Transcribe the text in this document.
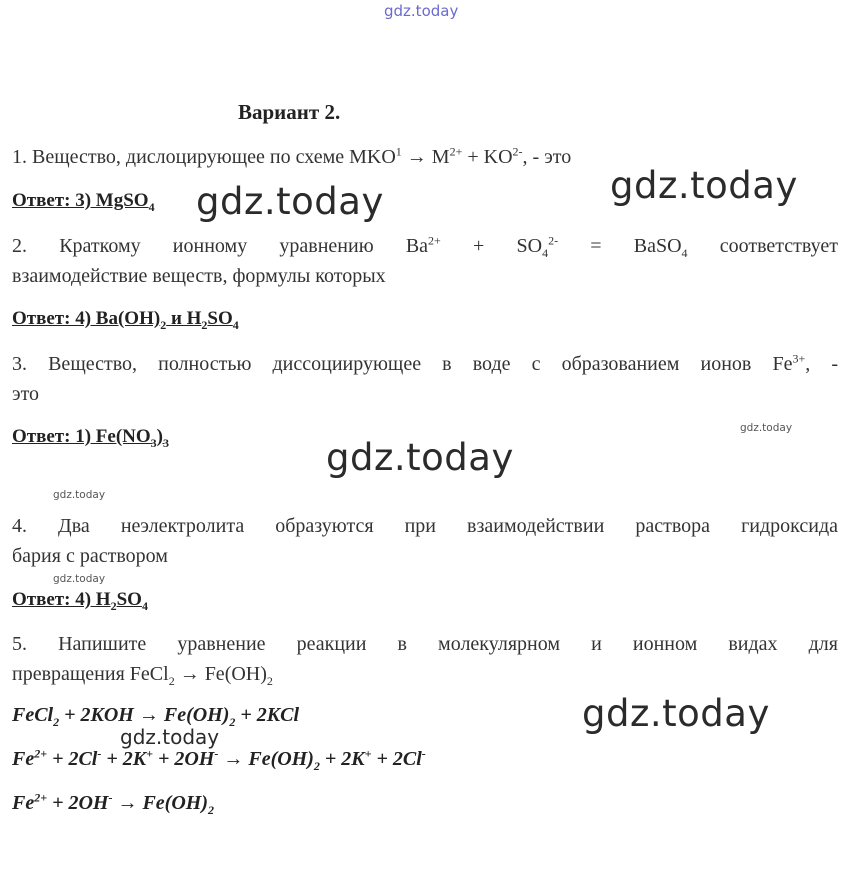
gdz.today
gdz.today
gdz.today
gdz.today
gdz.today
gdz.today
gdz.today
gdz.today
gdz.today
Вариант 2.
1. Вещество, дислоцирующее по схеме $MKO^1 \to M^{2+} + KO^{2-}$, - это
Ответ: 3) MgSO$_4$
2. Краткому ионному уравнению $Ba^{2+} + SO_4^{2-}$ = BaSO$_4$ соответствует
взаимодействие веществ, формулы которых
Ответ: 4) $Ba(OH)_2$ и $H_2SO_4$
3. Вещество, полностью диссоциирующее в воде с образованием ионов $Fe^{3+}$, -
это
Ответ: 1) $Fe(NO_3)_3$
4. Два неэлектролита образуются при взаимодействии раствора гидроксида
бария с раствором
Ответ: 4) $H_2SO_4$
5. Напишите уравнение реакции в молекулярном и ионном видах для
превращения FeCl$_2$ → $Fe(OH)_2$
FeCl$_2$ + $2KOH \to Fe(OH)_2 + 2KCl$
$Fe^{2+} + 2Cl^- + 2K^+ + 2OH^- \to Fe(OH)_2 + 2K^+ + 2Cl^-$
$Fe^{2+} + 2OH^- \to Fe(OH)_2$
